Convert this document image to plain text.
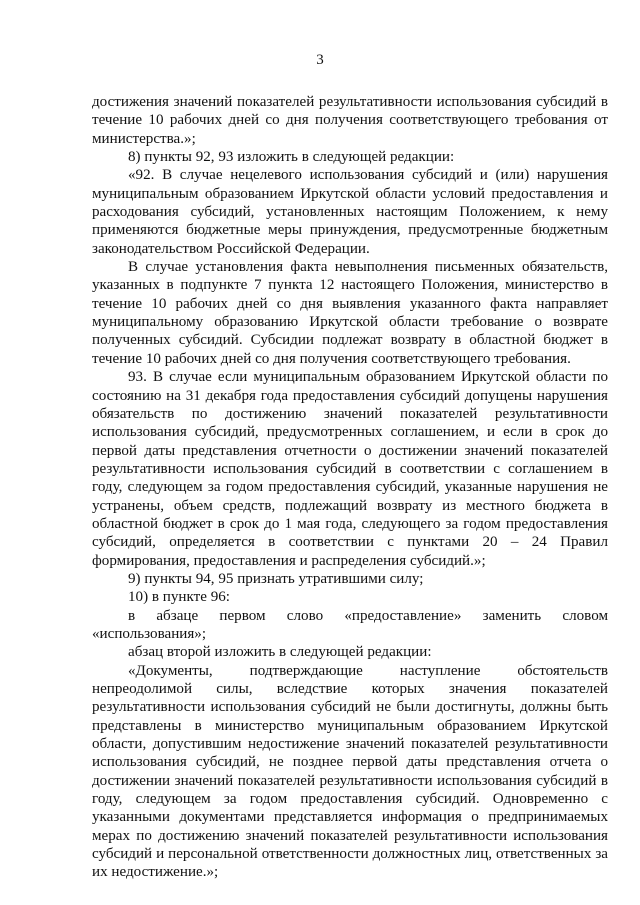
3

достижения значений показателей результативности использования субсидий в течение 10 рабочих дней со дня получения соответствующего требования от министерства.»;

8) пункты 92, 93 изложить в следующей редакции:

«92. В случае нецелевого использования субсидий и (или) нарушения муниципальным образованием Иркутской области условий предоставления и расходования субсидий, установленных настоящим Положением, к нему применяются бюджетные меры принуждения, предусмотренные бюджетным законодательством Российской Федерации.

В случае установления факта невыполнения письменных обязательств, указанных в подпункте 7 пункта 12 настоящего Положения, министерство в течение 10 рабочих дней со дня выявления указанного факта направляет муниципальному образованию Иркутской области требование о возврате полученных субсидий. Субсидии подлежат возврату в областной бюджет в течение 10 рабочих дней со дня получения соответствующего требования.

93. В случае если муниципальным образованием Иркутской области по состоянию на 31 декабря года предоставления субсидий допущены нарушения обязательств по достижению значений показателей результативности использования субсидий, предусмотренных соглашением, и если в срок до первой даты представления отчетности о достижении значений показателей результативности использования субсидий в соответствии с соглашением в году, следующем за годом предоставления субсидий, указанные нарушения не устранены, объем средств, подлежащий возврату из местного бюджета в областной бюджет в срок до 1 мая года, следующего за годом предоставления субсидий, определяется в соответствии с пунктами 20 – 24 Правил формирования, предоставления и распределения субсидий.»;

9) пункты 94, 95 признать утратившими силу;

10) в пункте 96:

в абзаце первом слово «предоставление» заменить словом «использования»;

абзац второй изложить в следующей редакции:

«Документы, подтверждающие наступление обстоятельств непреодолимой силы, вследствие которых значения показателей результативности использования субсидий не были достигнуты, должны быть представлены в министерство муниципальным образованием Иркутской области, допустившим недостижение значений показателей результативности использования субсидий, не позднее первой даты представления отчета о достижении значений показателей результативности использования субсидий в году, следующем за годом предоставления субсидий. Одновременно с указанными документами представляется информация о предпринимаемых мерах по достижению значений показателей результативности использования субсидий и персональной ответственности должностных лиц, ответственных за их недостижение.»;
